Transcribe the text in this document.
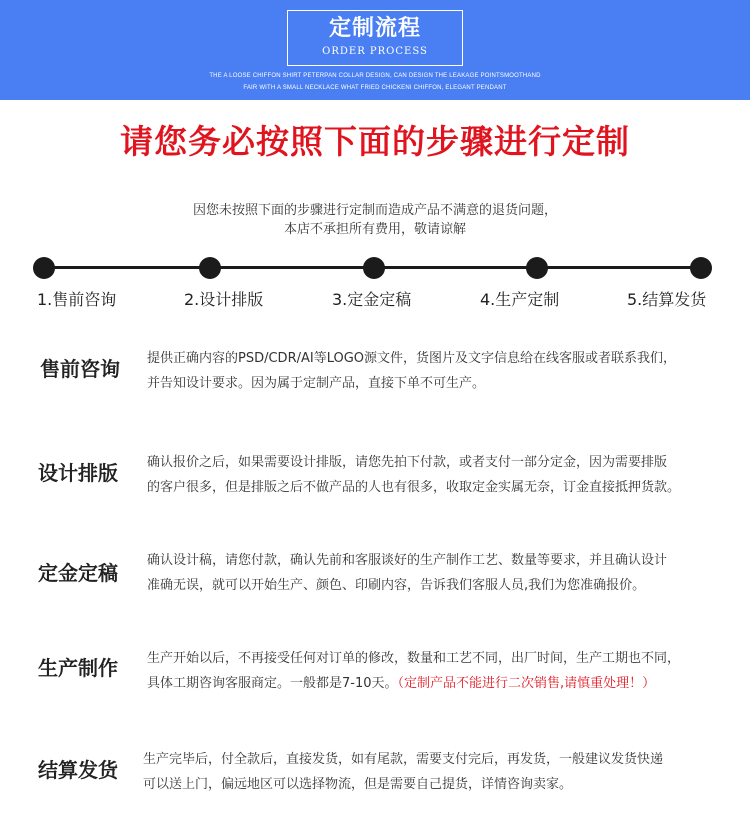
定制流程
ORDER PROCESS
THE A LOOSE CHIFFON SHIRT PETERPAN COLLAR DESIGN, CAN DESIGN THE LEAKAGE POINTSMOOTHAND
FAIR WITH A SMALL NECKLACE WHAT FRIED CHICKENI CHIFFON, ELEGANT PENDANT
请您务必按照下面的步骤进行定制
因您未按照下面的步骤进行定制而造成产品不满意的退货问题，
本店不承担所有费用，敬请谅解
1.售前咨询	2.设计排版	3.定金定稿	4.生产定制	5.结算发货
售前咨询 提供正确内容的PSD/CDR/AI等LOGO源文件，货图片及文字信息给在线客服或者联系我们，
并告知设计要求。因为属于定制产品，直接下单不可生产。
设计排版 确认报价之后，如果需要设计排版，请您先拍下付款，或者支付一部分定金，因为需要排版
的客户很多，但是排版之后不做产品的人也有很多，收取定金实属无奈，订金直接抵押货款。
定金定稿
确认设计稿，请您付款，确认先前和客服谈好的生产制作工艺、数量等要求，并且确认设计
准确无误，就可以开始生产、颜色、印刷内容，告诉我们客服人员,我们为您准确报价。
生产制作 生产开始以后，不再接受任何对订单的修改，数量和工艺不同，出厂时间，生产工期也不同，
具体工期咨询客服商定。一般都是7-10天。（定制产品不能进行二次销售,请慎重处理！）
结算发货 生产完毕后，付全款后，直接发货，如有尾款，需要支付完后，再发货，一般建议发货快递
可以送上门，偏远地区可以选择物流，但是需要自己提货，详情咨询卖家。
